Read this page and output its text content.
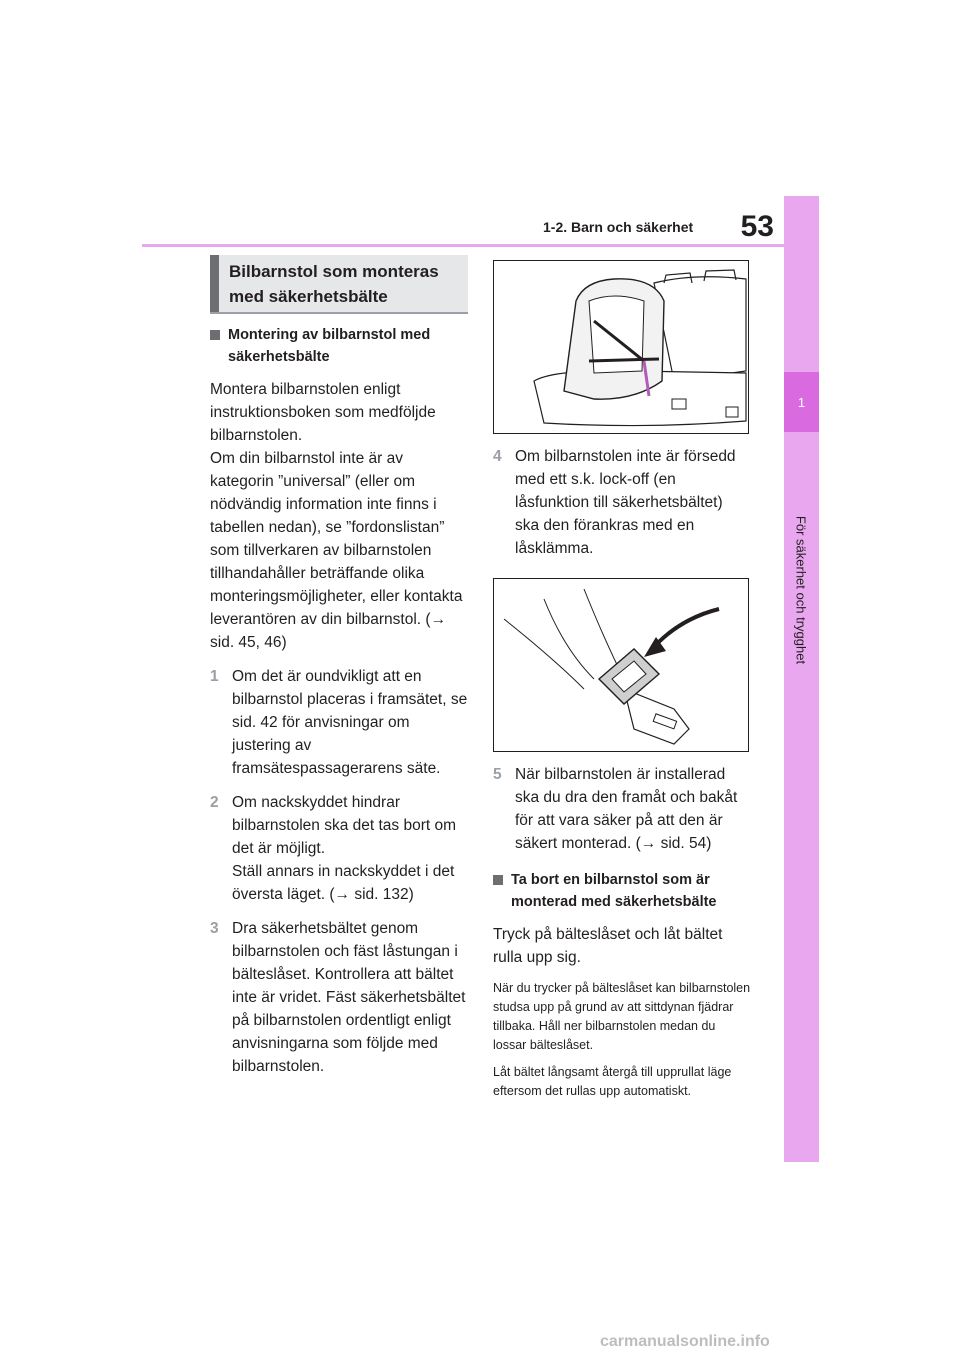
53
1-2. Barn och säkerhet
1
För säkerhet och trygghet
Bilbarnstol som monteras
med säkerhetsbälte
Montering av bilbarnstol med säkerhetsbälte

Montera bilbarnstolen enligt instruktionsboken som medföljde bilbarnstolen.

Om din bilbarnstol inte är av kategorin ”universal” (eller om nödvändig information inte finns i tabellen nedan), se ”fordonslistan” som tillverkaren av bilbarnstolen tillhandahåller beträffande olika monteringsmöjligheter, eller kontakta leverantören av din bilbarnstol. (→ sid. 45, 46)

1 Om det är oundvikligt att en bilbarnstol placeras i framsätet, se sid. 42 för anvisningar om justering av framsätespassagerarens säte.

2 Om nackskyddet hindrar bilbarnstolen ska det tas bort om det är möjligt.

Ställ annars in nackskyddet i det översta läget. (→ sid. 132)

3 Dra säkerhetsbältet genom bilbarnstolen och fäst låstungan i bälteslåset. Kontrollera att bältet inte är vridet. Fäst säkerhetsbältet på bilbarnstolen ordentligt enligt anvisningarna som följde med bilbarnstolen.

4 Om bilbarnstolen inte är försedd med ett s.k. lock-off (en låsfunktion till säkerhetsbältet) ska den förankras med en låsklämma.

5 När bilbarnstolen är installerad ska du dra den framåt och bakåt för att vara säker på att den är säkert monterad. (→ sid. 54)

Ta bort en bilbarnstol som är monterad med säkerhetsbälte

Tryck på bälteslåset och låt bältet rulla upp sig.

När du trycker på bälteslåset kan bilbarnstolen studsa upp på grund av att sittdynan fjädrar tillbaka. Håll ner bilbarnstolen medan du lossar bälteslåset.

Låt bältet långsamt återgå till upprullat läge eftersom det rullas upp automatiskt.

carmanualsonline.info
